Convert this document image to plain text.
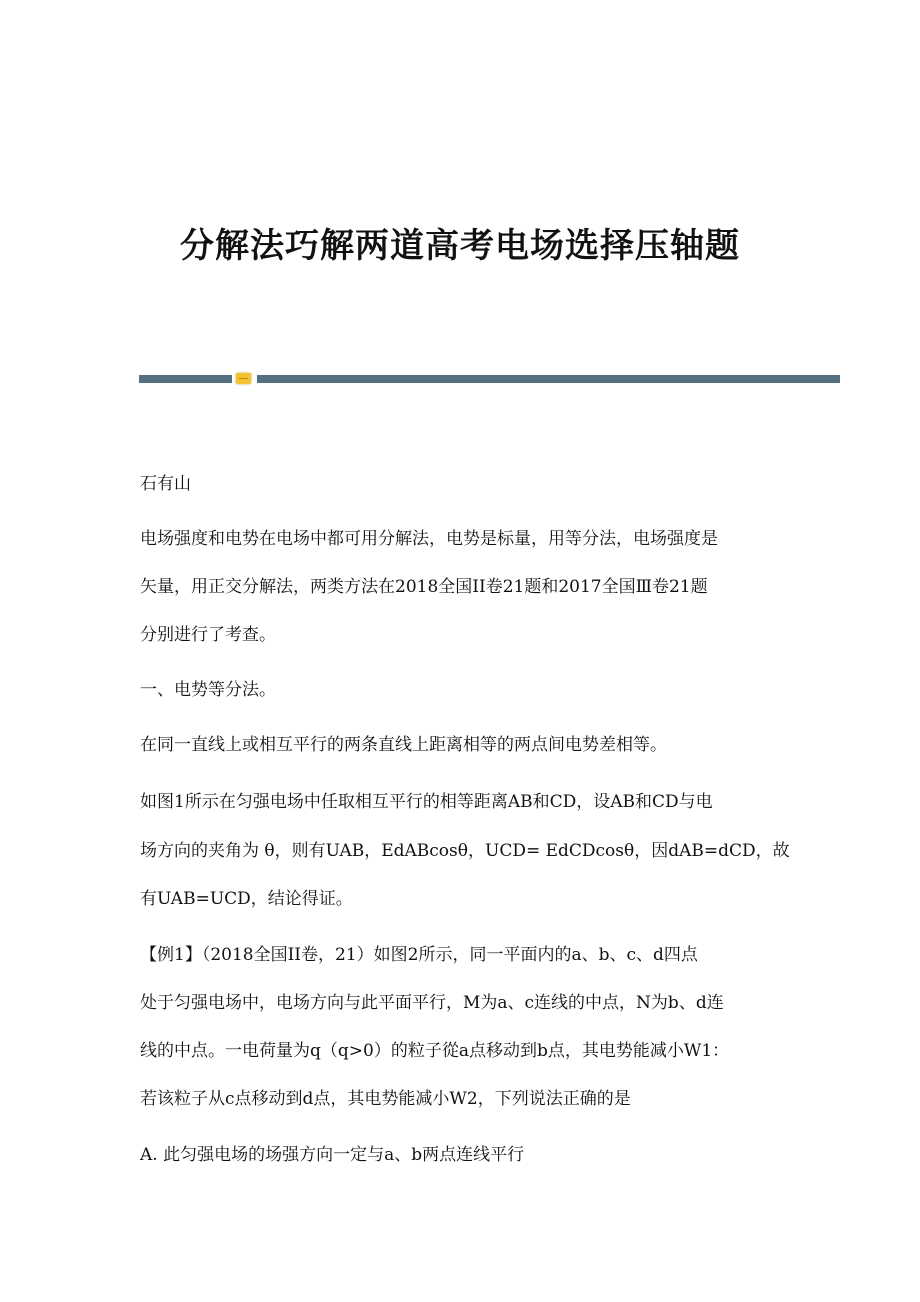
分解法巧解两道高考电场选择压轴题
石有山
电场强度和电势在电场中都可用分解法，电势是标量，用等分法，电场强度是
矢量，用正交分解法，两类方法在2018全国II卷21题和2017全国Ⅲ卷21题
分别进行了考查。
一、电势等分法。
在同一直线上或相互平行的两条直线上距离相等的两点间电势差相等。
如图1所示在匀强电场中任取相互平行的相等距离AB和CD，设AB和CD与电
场方向的夹角为 θ，则有UAB，EdABcosθ，UCD= EdCDcosθ，因dAB=dCD，故
有UAB=UCD，结论得证。
【例1】（2018全国II卷，21）如图2所示，同一平面内的a、b、c、d四点
处于匀强电场中，电场方向与此平面平行，M为a、c连线的中点，N为b、d连
线的中点。一电荷量为q（q>0）的粒子從a点移动到b点，其电势能减小W1：
若该粒子从c点移动到d点，其电势能减小W2，下列说法正确的是
A. 此匀强电场的场强方向一定与a、b两点连线平行
